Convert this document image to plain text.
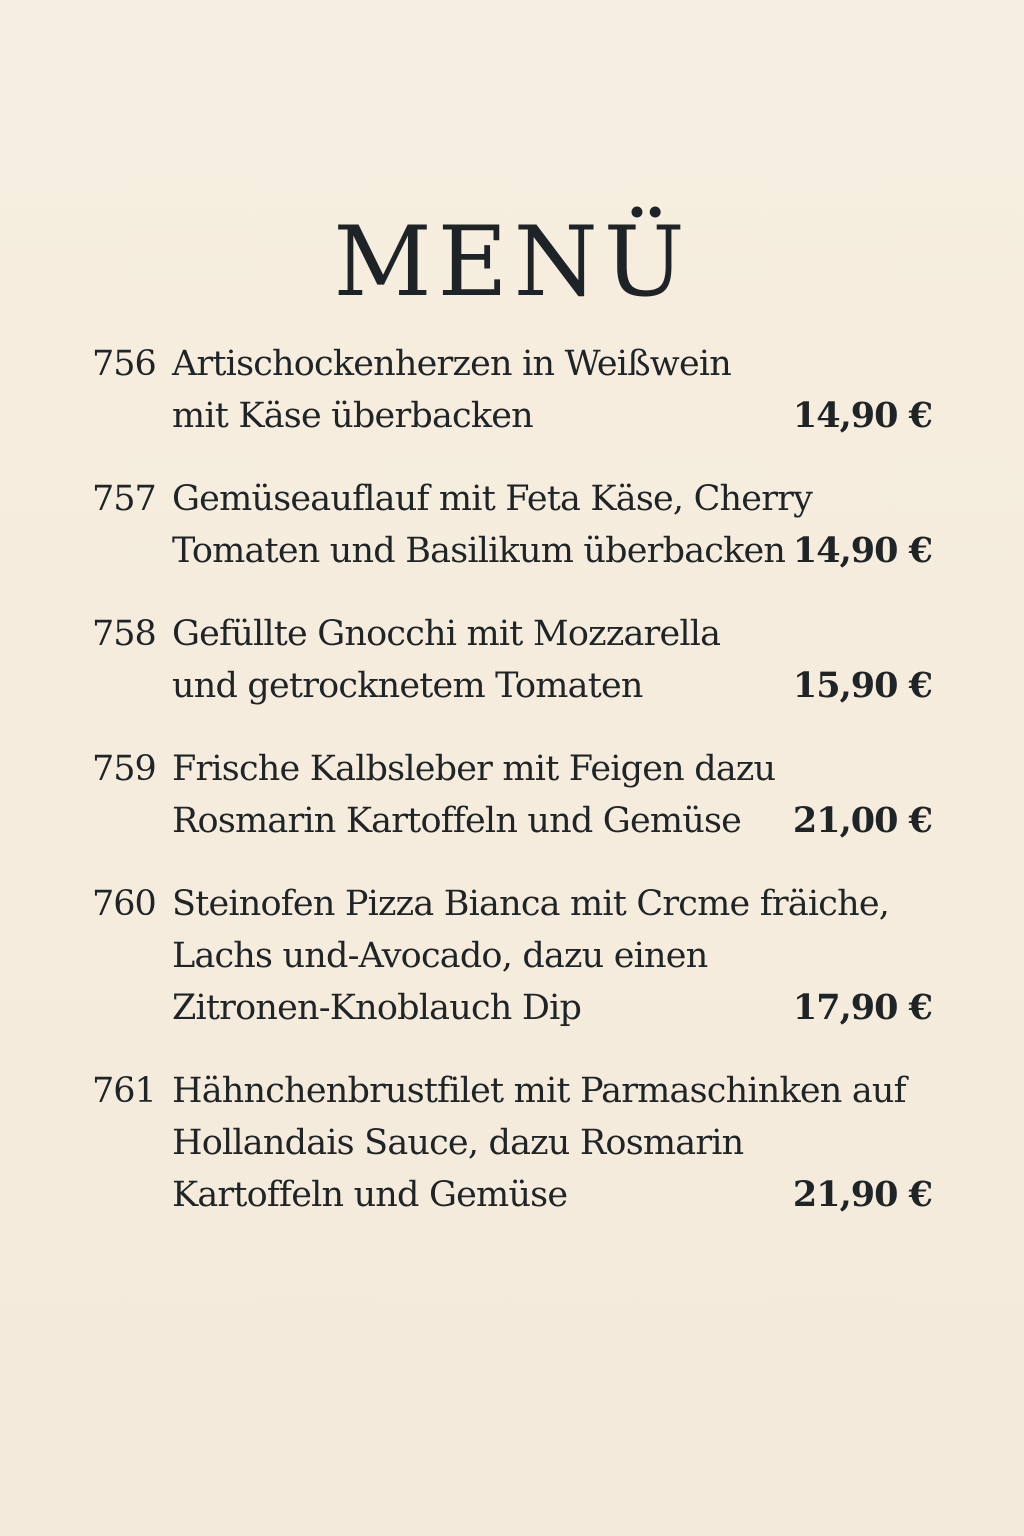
MENÜ
756 Artischockenherzen in Weißwein
mit Käse überbacken	14,90 €
757 Gemüseauflauf mit Feta Käse, Cherry
Tomaten und Basilikum überbacken 14,90 €
758 Gefüllte Gnocchi mit Mozzarella
und getrocknetem Tomaten	15,90 €
759 Frische Kalbsleber mit Feigen dazu
Rosmarin Kartoffeln und Gemüse	21,00 €
760 Steinofen Pizza Bianca mit Crcme fräiche,
Lachs und-Avocado, dazu einen
Zitronen-Knoblauch Dip	17,90 €
761 Hähnchenbrustfilet mit Parmaschinken auf
Hollandais Sauce, dazu Rosmarin
Kartoffeln und Gemüse	21,90 €
